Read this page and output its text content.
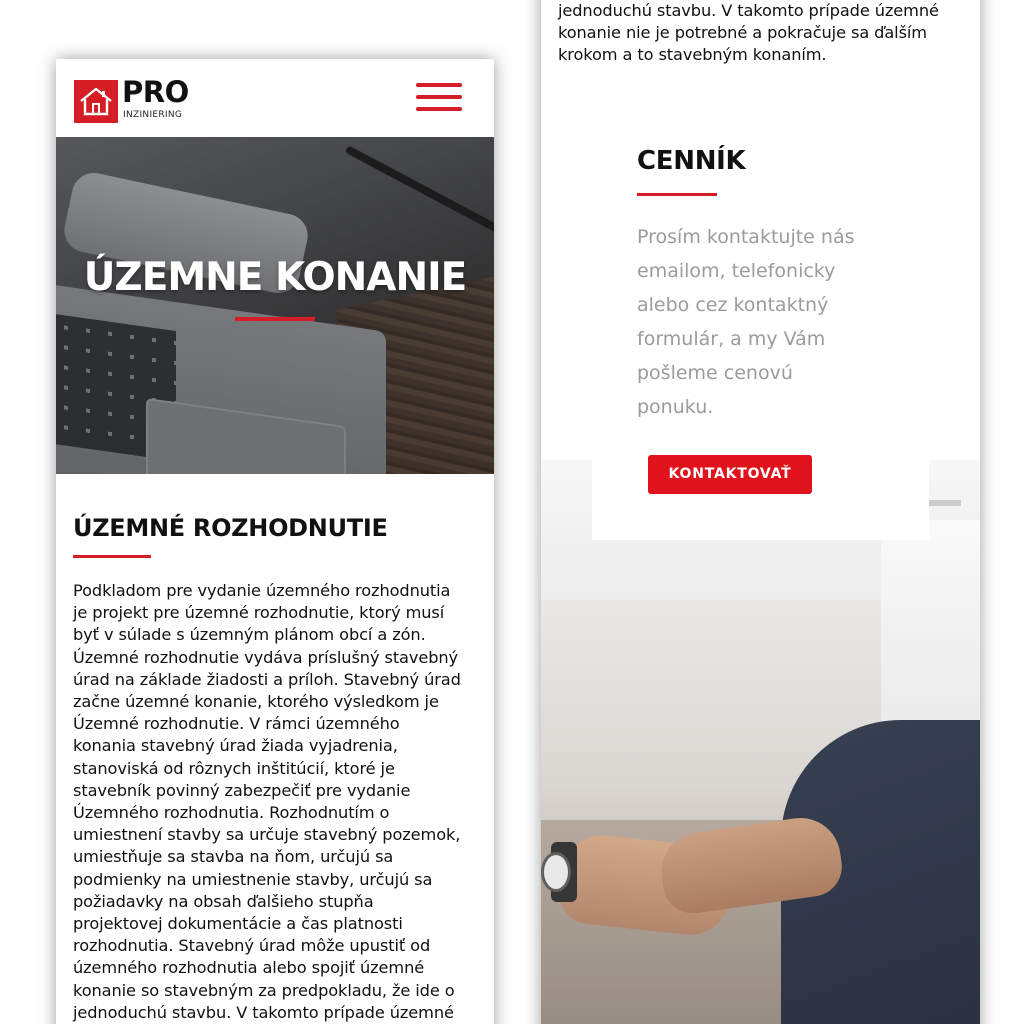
PRO
INZINIERING
ÚZEMNE KONANIE
ÚZEMNÉ ROZHODNUTIE

Podkladom pre vydanie územného rozhodnutia
je projekt pre územné rozhodnutie, ktorý musí
byť v súlade s územným plánom obcí a zón.
Územné rozhodnutie vydáva príslušný stavebný
úrad na základe žiadosti a príloh. Stavebný úrad
začne územné konanie, ktorého výsledkom je
Územné rozhodnutie. V rámci územného
konania stavebný úrad žiada vyjadrenia,
stanoviská od rôznych inštitúcií, ktoré je
stavebník povinný zabezpečiť pre vydanie
Územného rozhodnutia. Rozhodnutím o
umiestnení stavby sa určuje stavebný pozemok,
umiestňuje sa stavba na ňom, určujú sa
podmienky na umiestnenie stavby, určujú sa
požiadavky na obsah ďalšieho stupňa
projektovej dokumentácie a čas platnosti
rozhodnutia. Stavebný úrad môže upustiť od
územného rozhodnutia alebo spojiť územné
konanie so stavebným za predpokladu, že ide o
jednoduchú stavbu. V takomto prípade územné

jednoduchú stavbu. V takomto prípade územné
konanie nie je potrebné a pokračuje sa ďalším
krokom a to stavebným konaním.

CENNÍK

Prosím kontaktujte nás
emailom, telefonicky
alebo cez kontaktný
formulár, a my Vám
pošleme cenovú
ponuku.

KONTAKTOVAŤ
